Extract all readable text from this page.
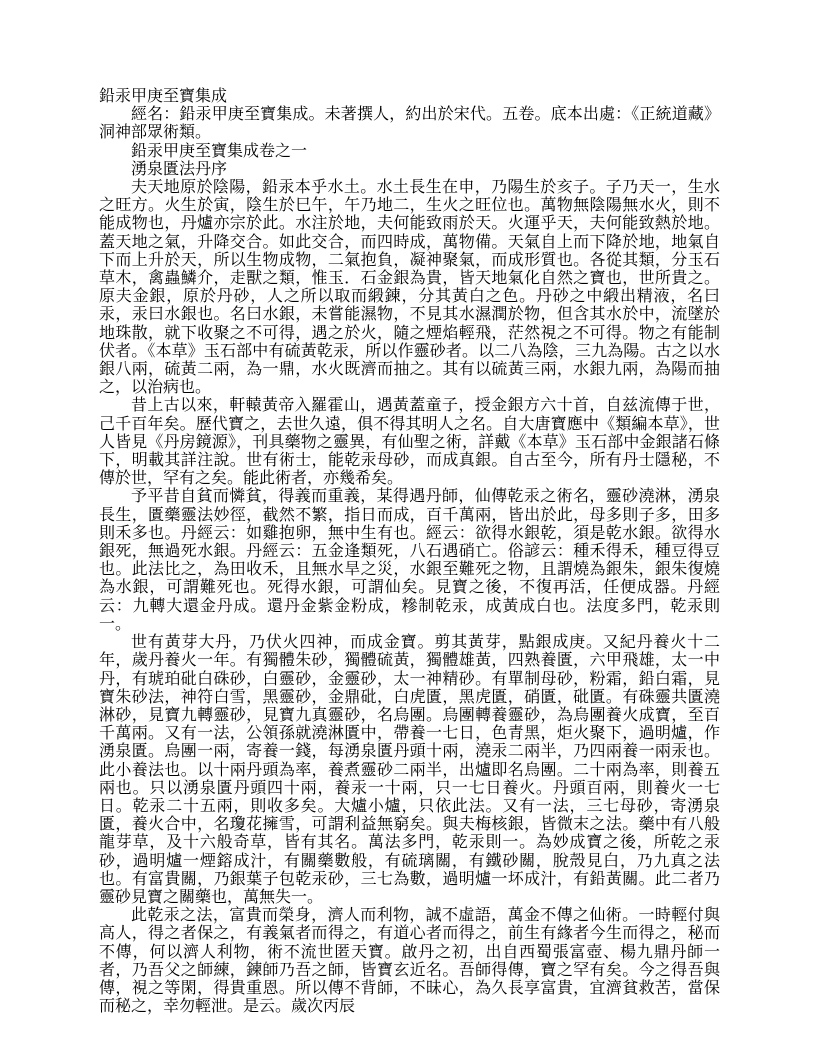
鉛汞甲庚至寶集成

經名：鉛汞甲庚至寶集成。未著撰人，約出於宋代。五卷。底本出處：《正統道藏》洞神部眾術類。

鉛汞甲庚至寶集成卷之一

湧泉匱法丹序

夫天地原於陰陽，鉛汞本乎水土。水土長生在申，乃陽生於亥子。子乃天一，生水之旺方。火生於寅，陰生於巳午，午乃地二，生火之旺位也。萬物無陰陽無水火，則不能成物也，丹爐亦宗於此。水注於地，夫何能致雨於天。火運乎天，夫何能致熱於地。蓋天地之氣，升降交合。如此交合，而四時成，萬物備。天氣自上而下降於地，地氣自下而上升於天，所以生物成物，二氣抱負，凝神聚氣，而成形質也。各從其類，分玉石草木，禽蟲鱗介，走獸之類，惟玉．石金銀為貴，皆天地氣化自然之寶也，世所貴之。原夫金銀，原於丹砂，人之所以取而緞鍊，分其黃白之色。丹砂之中緞出精液，名曰汞，汞曰水銀也。名曰水銀，未嘗能濕物，不見其水濕潤於物，但含其水於中，流墜於地珠散，就下收聚之不可得，遇之於火，隨之煙焰輕飛，茫然視之不可得。物之有能制伏者。《本草》玉石部中有硫黃乾汞，所以作靈砂者。以二八為陰，三九為陽。古之以水銀八兩，硫黃二兩，為一鼎，水火既濟而抽之。其有以硫黃三兩，水銀九兩，為陽而抽之，以治病也。

昔上古以來，軒轅黃帝入羅霍山，遇黃蓋童子，授金銀方六十首，自兹流傳于世，己千百年矣。歷代寶之，去世久遠，俱不得其明人之名。自大唐寶應中《類編本草》，世人皆見《丹房鏡源》，刊具藥物之靈異，有仙聖之術，詳戴《本草》玉石部中金銀諸石條下，明載其詳注說。世有術士，能乾汞母砂，而成真銀。自古至今，所有丹士隱秘，不傳於世，罕有之矣。能此術者，亦幾希矣。

予平昔自貧而憐貧，得義而重義，某得遇丹師，仙傳乾汞之術名，靈砂澆淋，湧泉長生，匱藥靈法妙徑，截然不繁，指日而成，百千萬兩，皆出於此，母多則子多，田多則禾多也。丹經云：如雞抱卵，無中生有也。經云：欲得水銀乾，須是乾水銀。欲得水銀死，無過死水銀。丹經云：五金逢類死，八石遇硝亡。俗諺云：種禾得禾，種豆得豆也。此法比之，為田收禾，且無水旱之災，水銀至難死之物，且謂燒為銀朱，銀朱復燒為水銀，可謂難死也。死得水銀，可謂仙矣。見寶之後，不復再活，任便成器。丹經云：九轉大還金丹成。還丹金紫金粉成，糝制乾汞，成黃成白也。法度多門，乾汞則一。

世有黃芽大丹，乃伏火四神，而成金寶。剪其黃芽，點銀成庚。又紀丹養火十二年，歲丹養火一年。有獨體朱砂，獨體硫黃，獨體雄黃，四熟養匱，六甲飛雄，太一中丹，有琥珀砒白硃砂，白靈砂，金靈砂，太一神精砂。有單制母砂，粉霜，鉛白霜，見寶朱砂法，神符白雪，黑靈砂，金鼎砒，白虎匱，黑虎匱，硝匱，砒匱。有硃靈共匱澆淋砂，見寶九轉靈砂，見寶九真靈砂，名烏團。烏團轉養靈砂，為烏團養火成寶，至百千萬兩。又有一法，公領孫就澆淋匱中，帶養一七日，色青黑，炬火聚下，過明爐，作湧泉匱。烏團一兩，寄養一錢，每湧泉匱丹頭十兩，澆汞二兩半，乃四兩養一兩汞也。此小養法也。以十兩丹頭為率，養煮靈砂二兩半，出爐即名烏團。二十兩為率，則養五兩也。只以湧泉匱丹頭四十兩，養汞一十兩，只一七日養火。丹頭百兩，則養火一七日。乾汞二十五兩，則收多矣。大爐小爐，只依此法。又有一法，三七母砂，寄湧泉匱，養火合中，名瓊花擁雪，可謂利益無窮矣。與夫梅核銀，皆微末之法。藥中有八般龍芽草，及十六般奇草，皆有其名。萬法多門，乾汞則一。為妙成寶之後，所乾之汞砂，過明爐一煙鎔成汁，有關藥數般，有硫璃關，有鐵砂關，脫殼見白，乃九真之法也。有富貴關，乃銀葉子包乾汞砂，三七為數，過明爐一坏成汁，有鉛黃關。此二者乃靈砂見寶之關藥也，萬無失一。

此乾汞之法，富貴而榮身，濟人而利物，誠不虛語，萬金不傳之仙術。一時輕付與高人，得之者保之，有義氣者而得之，有道心者而得之，前生有緣者今生而得之，秘而不傳，何以濟人利物，術不流世匿天寶。啟丹之初，出自西蜀張富壺、楊九鼎丹師一者，乃吾父之師練，鍊師乃吾之師，皆寶玄近名。吾師得傳，寶之罕有矣。今之得吾與傳，視之等閑，得貴重恩。所以傳不背師，不昧心，為久長享富貴，宜濟貧救苦，當保而秘之，幸勿輕泄。是云。歲次丙辰
